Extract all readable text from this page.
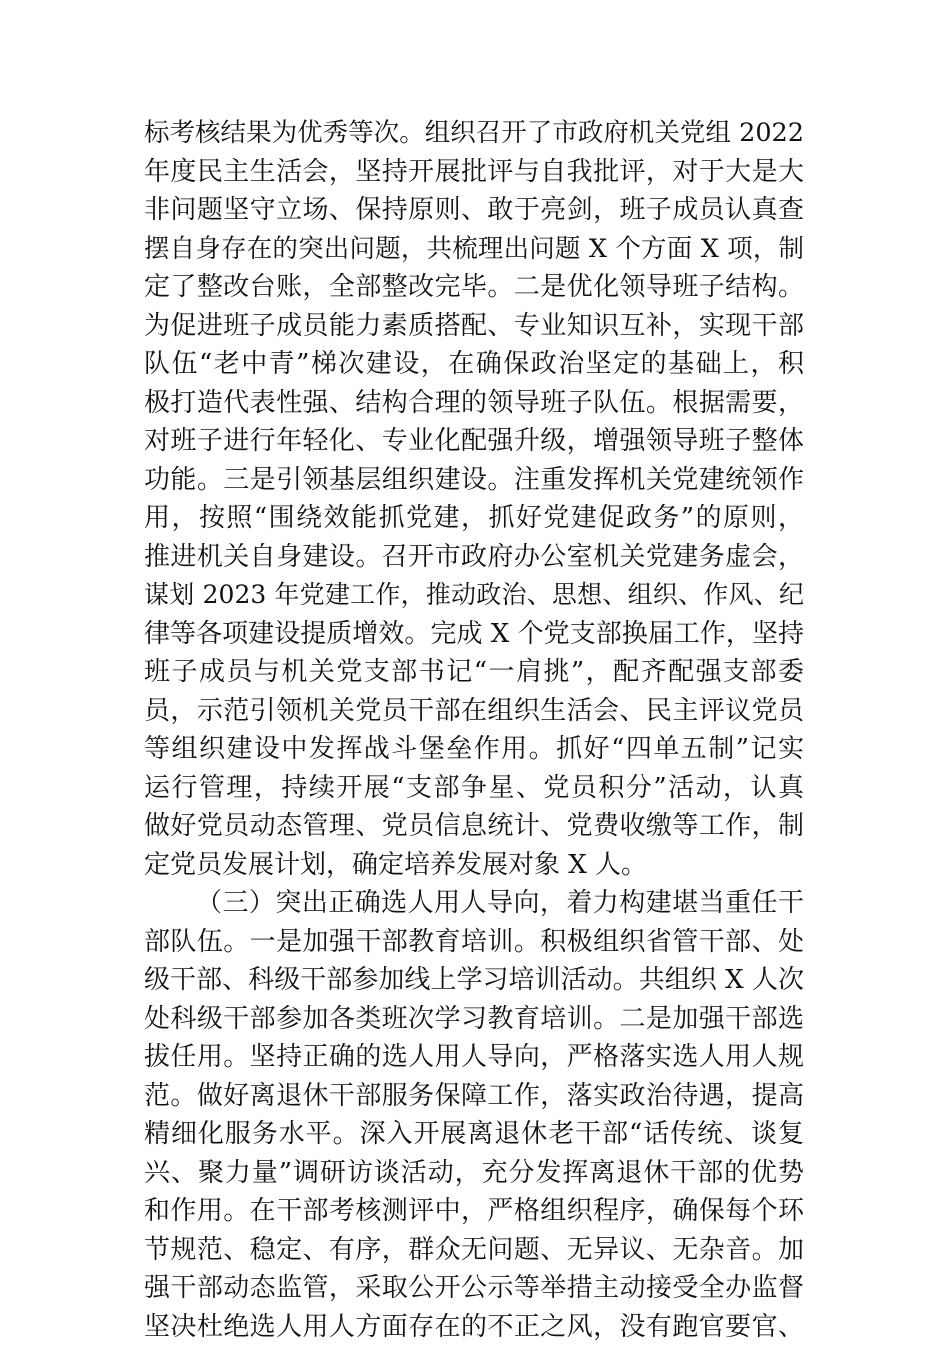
标考核结果为优秀等次。组织召开了市政府机关党组 2022
年度民主生活会，坚持开展批评与自我批评，对于大是大
非问题坚守立场、保持原则、敢于亮剑，班子成员认真查
摆自身存在的突出问题，共梳理出问题 X 个方面 X 项，制
定了整改台账，全部整改完毕。二是优化领导班子结构。
为促进班子成员能力素质搭配、专业知识互补，实现干部
队伍“老中青”梯次建设，在确保政治坚定的基础上，积
极打造代表性强、结构合理的领导班子队伍。根据需要，
对班子进行年轻化、专业化配强升级，增强领导班子整体
功能。三是引领基层组织建设。注重发挥机关党建统领作
用，按照“围绕效能抓党建，抓好党建促政务”的原则，
推进机关自身建设。召开市政府办公室机关党建务虚会，
谋划 2023 年党建工作，推动政治、思想、组织、作风、纪
律等各项建设提质增效。完成 X 个党支部换届工作，坚持
班子成员与机关党支部书记“一肩挑”，配齐配强支部委
员，示范引领机关党员干部在组织生活会、民主评议党员
等组织建设中发挥战斗堡垒作用。抓好“四单五制”记实
运行管理，持续开展“支部争星、党员积分”活动，认真
做好党员动态管理、党员信息统计、党费收缴等工作，制
定党员发展计划，确定培养发展对象 X 人。
（三）突出正确选人用人导向，着力构建堪当重任干
部队伍。一是加强干部教育培训。积极组织省管干部、处
级干部、科级干部参加线上学习培训活动。共组织 X 人次
处科级干部参加各类班次学习教育培训。二是加强干部选
拔任用。坚持正确的选人用人导向，严格落实选人用人规
范。做好离退休干部服务保障工作，落实政治待遇，提高
精细化服务水平。深入开展离退休老干部“话传统、谈复
兴、聚力量”调研访谈活动，充分发挥离退休干部的优势
和作用。在干部考核测评中，严格组织程序，确保每个环
节规范、稳定、有序，群众无问题、无异议、无杂音。加
强干部动态监管，采取公开公示等举措主动接受全办监督
坚决杜绝选人用人方面存在的不正之风，没有跑官要官、
